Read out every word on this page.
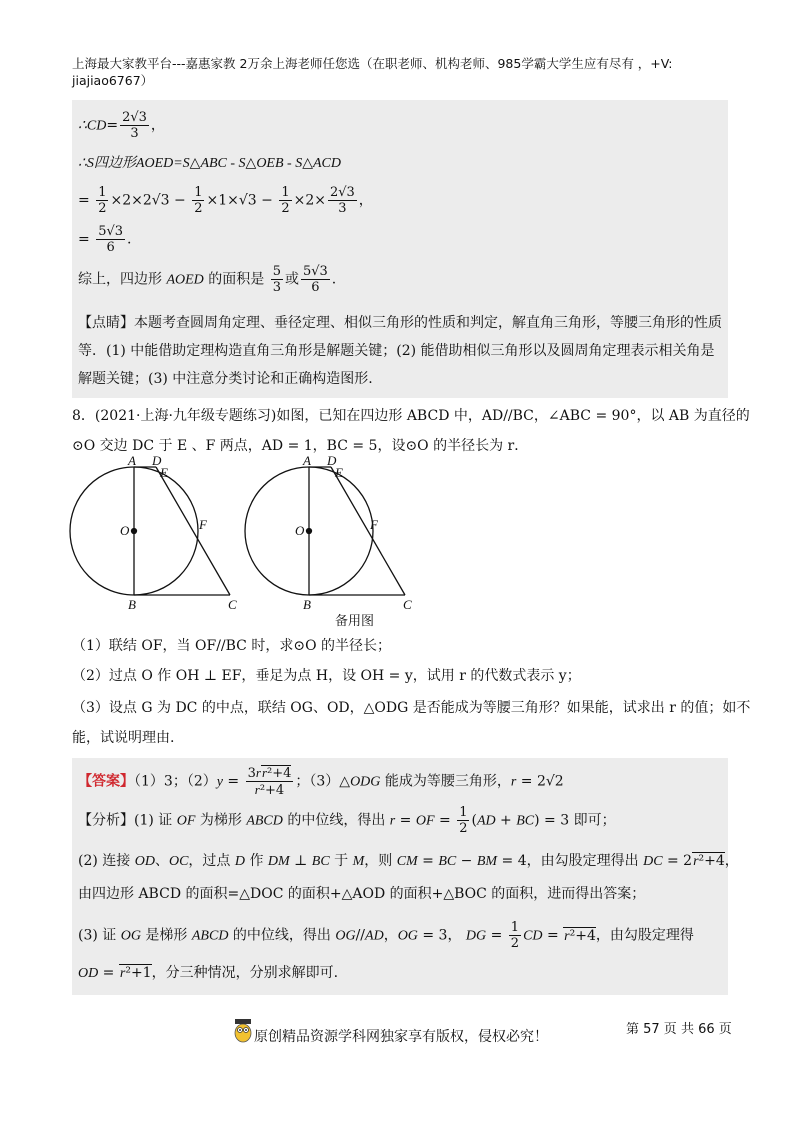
上海最大家教平台---嘉惠家教 2万余上海老师任您选（在职老师、机构老师、985学霸大学生应有尽有 ，+V:
jiajiao6767）
∴CD= $\frac{2√3}{3}$ ，
∴S四边形AOED=S△ABC - S△OEB - S△ACD
= $\frac{1}{2} \times 2\times 2√3 - \frac{1}{2} \times 1\times√3 - \frac{1}{2} \times 2\times \frac{2√3}{3}$ ，
= $\frac{5√3}{6}$ .
综上，四边形 AOED 的面积是 $\frac{5}{3}$ 或 $\frac{5√3}{6}$ .
【点睛】本题考查圆周角定理、垂径定理、相似三角形的性质和判定，解直角三角形，等腰三角形的性质
等．(1) 中能借助定理构造直角三角形是解题关键；(2) 能借助相似三角形以及圆周角定理表示相关角是
解题关键；(3) 中注意分类讨论和正确构造图形.
8．(2021·上海·九年级专题练习)如图，已知在四边形 ABCD 中，AD//BC，∠ABC = 90°，以 AB 为直径的
⊙O 交边 DC 于 E 、F 两点，AD = 1，BC = 5，设⊙O 的半径长为 r．
A D
E
O	F
B	C
A D
E
O	F
B	C
备用图
（1）联结 OF，当 OF//BC 时，求⊙O 的半径长；
（2）过点 O 作 OH ⊥ EF，垂足为点 H，设 OH = y，试用 r 的代数式表示 y；
（3）设点 G 为 DC 的中点，联结 OG、OD，△ODG 是否能成为等腰三角形？如果能，试求出 r 的值；如不
能，试说明理由.
【答案】（1）3；$(2)y = \frac{\text{3rr²+4}}{\text{r²+4}}$ ；（3）△ODG 能成为等腰三角形，r = 2√2
【分析】(1) 证 OF 为梯形 ABCD 的中位线，得出 r = OF = $\frac{1}{2} (AD + BC) = 3$ 即可；
(2) 连接 OD、OC，过点 D 作 DM ⊥ BC 于 M，则 CM = BC − BM = 4，由勾股定理得出 DC = 2r²+4，
由四边形 ABCD 的面积=△DOC 的面积+△AOD 的面积+△BOC 的面积，进而得出答案；
(3) 证 OG 是梯形 ABCD 的中位线，得出 OG//AD，OG = 3， DG = $\frac{1}{2}$ CD = r²+4，由勾股定理得
OD = r²+1，分三种情况，分别求解即可.
原创精品资源学科网独家享有版权，侵权必究！	第 57 页 共 66 页
